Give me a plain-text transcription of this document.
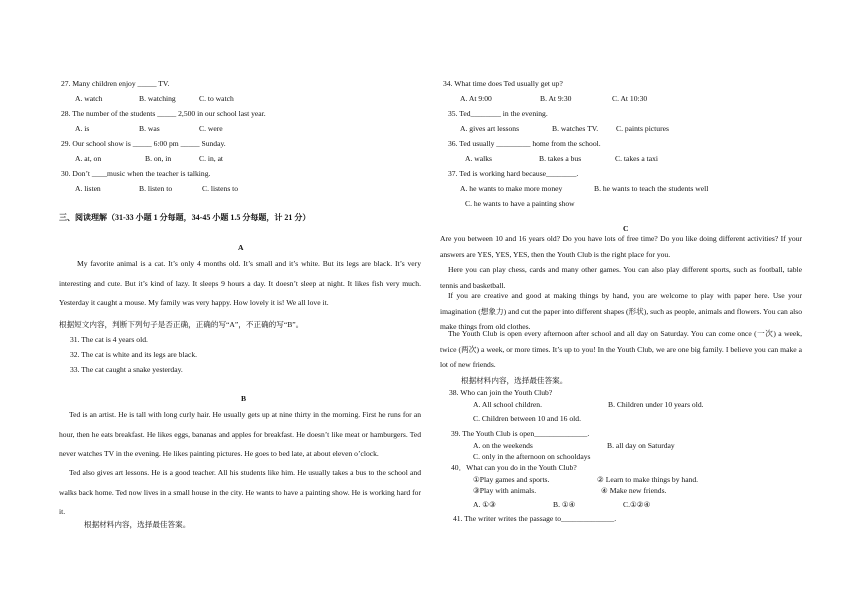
27. Many children enjoy _____ TV.
A. watch	B. watching	C. to watch
28. The number of the students _____ 2,500 in our school last year.
A. is	B. was	C. were
29. Our school show is _____ 6:00 pm _____ Sunday.
A. at, on	B. on, in	C. in, at
30. Don’t ____music when the teacher is talking.
A. listen	B. listen to	C. listens to
三、阅读理解（31-33 小题 1 分每题，34-45 小题 1.5 分每题，计 21 分）
A
My favorite animal is a cat. It’s only 4 months old. It’s small and it’s white. But its legs are black. It’s very interesting and cute. But it’s kind of lazy. It sleeps 9 hours a day. It doesn’t sleep at night. It likes fish very much. Yesterday it caught a mouse. My family was very happy. How lovely it is! We all love it.
根据短文内容，判断下列句子是否正确，正确的写“A”，不正确的写“B”。
31. The cat is 4 years old.
32. The cat is white and its legs are black.
33. The cat caught a snake yesterday.
B
Ted is an artist. He is tall with long curly hair. He usually gets up at nine thirty in the morning. First he runs for an hour, then he eats breakfast. He likes eggs, bananas and apples for breakfast. He doesn’t like meat or hamburgers. Ted never watches TV in the evening. He likes painting pictures. He goes to bed late, at about eleven o’clock.
Ted also gives art lessons. He is a good teacher. All his students like him. He usually takes a bus to the school and walks back home. Ted now lives in a small house in the city. He wants to have a painting show. He is working hard for it.
根据材料内容，选择最佳答案。
34. What time does Ted usually get up?
A. At 9:00	B. At 9:30	C. At 10:30
35. Ted________ in the evening.
A. gives art lessons	B. watches TV. C. paints pictures
36. Ted usually _________ home from the school.
A. walks	B. takes a bus	C. takes a taxi
37. Ted is working hard because________.
A. he wants to make more money	B. he wants to teach the students well
C. he wants to have a painting show
C
Are you between 10 and 16 years old? Do you have lots of free time? Do you like doing different activities? If your answers are YES, YES, YES, then the Youth Club is the right place for you.
Here you can play chess, cards and many other games. You can also play different sports, such as football, table tennis and basketball.
If you are creative and good at making things by hand, you are welcome to play with paper here. Use your imagination (想象力) and cut the paper into different shapes (形状), such as people, animals and flowers. You can also make things from old clothes.
The Youth Club is open every afternoon after school and all day on Saturday. You can come once (一次) a week, twice (两次) a week, or more times. It’s up to you! In the Youth Club, we are one big family. I believe you can make a lot of new friends.
根据材料内容，选择最佳答案。
38. Who can join the Youth Club?
A. All school children.	B. Children under 10 years old.
C. Children between 10 and 16 old.
39. The Youth Club is open______________.
A. on the weekends	B. all day on Saturday
C. only in the afternoon on schooldays
40．What can you do in the Youth Club?
①Play games and sports.	② Learn to make things by hand.
③Play with animals.	④ Make new friends.
A. ①③	B. ①④	C.①②④
41. The writer writes the passage to______________.
